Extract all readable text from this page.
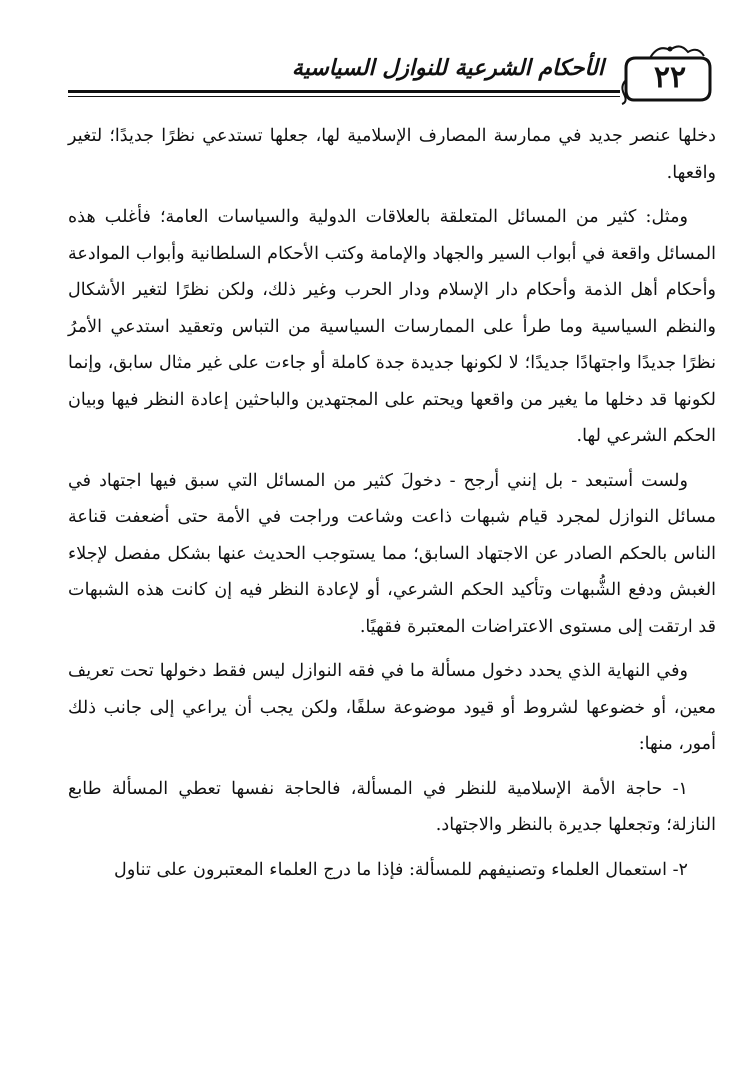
٢٢
الأحكام الشرعية للنوازل السياسية

دخلها عنصر جديد في ممارسة المصارف الإسلامية لها، جعلها تستدعي نظرًا جديدًا؛ لتغير واقعها.

ومثل: كثير من المسائل المتعلقة بالعلاقات الدولية والسياسات العامة؛ فأغلب هذه المسائل واقعة في أبواب السير والجهاد والإمامة وكتب الأحكام السلطانية وأبواب الموادعة وأحكام أهل الذمة وأحكام دار الإسلام ودار الحرب وغير ذلك، ولكن نظرًا لتغير الأشكال والنظم السياسية وما طرأ على الممارسات السياسية من التباس وتعقيد استدعي الأمرُ نظرًا جديدًا واجتهادًا جديدًا؛ لا لكونها جديدة جدة كاملة أو جاءت على غير مثال سابق، وإنما لكونها قد دخلها ما يغير من واقعها ويحتم على المجتهدين والباحثين إعادة النظر فيها وبيان الحكم الشرعي لها.

ولست أستبعد - بل إنني أرجح - دخولَ كثير من المسائل التي سبق فيها اجتهاد في مسائل النوازل لمجرد قيام شبهات ذاعت وشاعت وراجت في الأمة حتى أضعفت قناعة الناس بالحكم الصادر عن الاجتهاد السابق؛ مما يستوجب الحديث عنها بشكل مفصل لإجلاء الغبش ودفع الشُّبهات وتأكيد الحكم الشرعي، أو لإعادة النظر فيه إن كانت هذه الشبهات قد ارتقت إلى مستوى الاعتراضات المعتبرة فقهيًا.

وفي النهاية الذي يحدد دخول مسألة ما في فقه النوازل ليس فقط دخولها تحت تعريف معين، أو خضوعها لشروط أو قيود موضوعة سلفًا، ولكن يجب أن يراعي إلى جانب ذلك أمور، منها:

١- حاجة الأمة الإسلامية للنظر في المسألة، فالحاجة نفسها تعطي المسألة طابع النازلة؛ وتجعلها جديرة بالنظر والاجتهاد.

٢- استعمال العلماء وتصنيفهم للمسألة: فإذا ما درج العلماء المعتبرون على تناول
